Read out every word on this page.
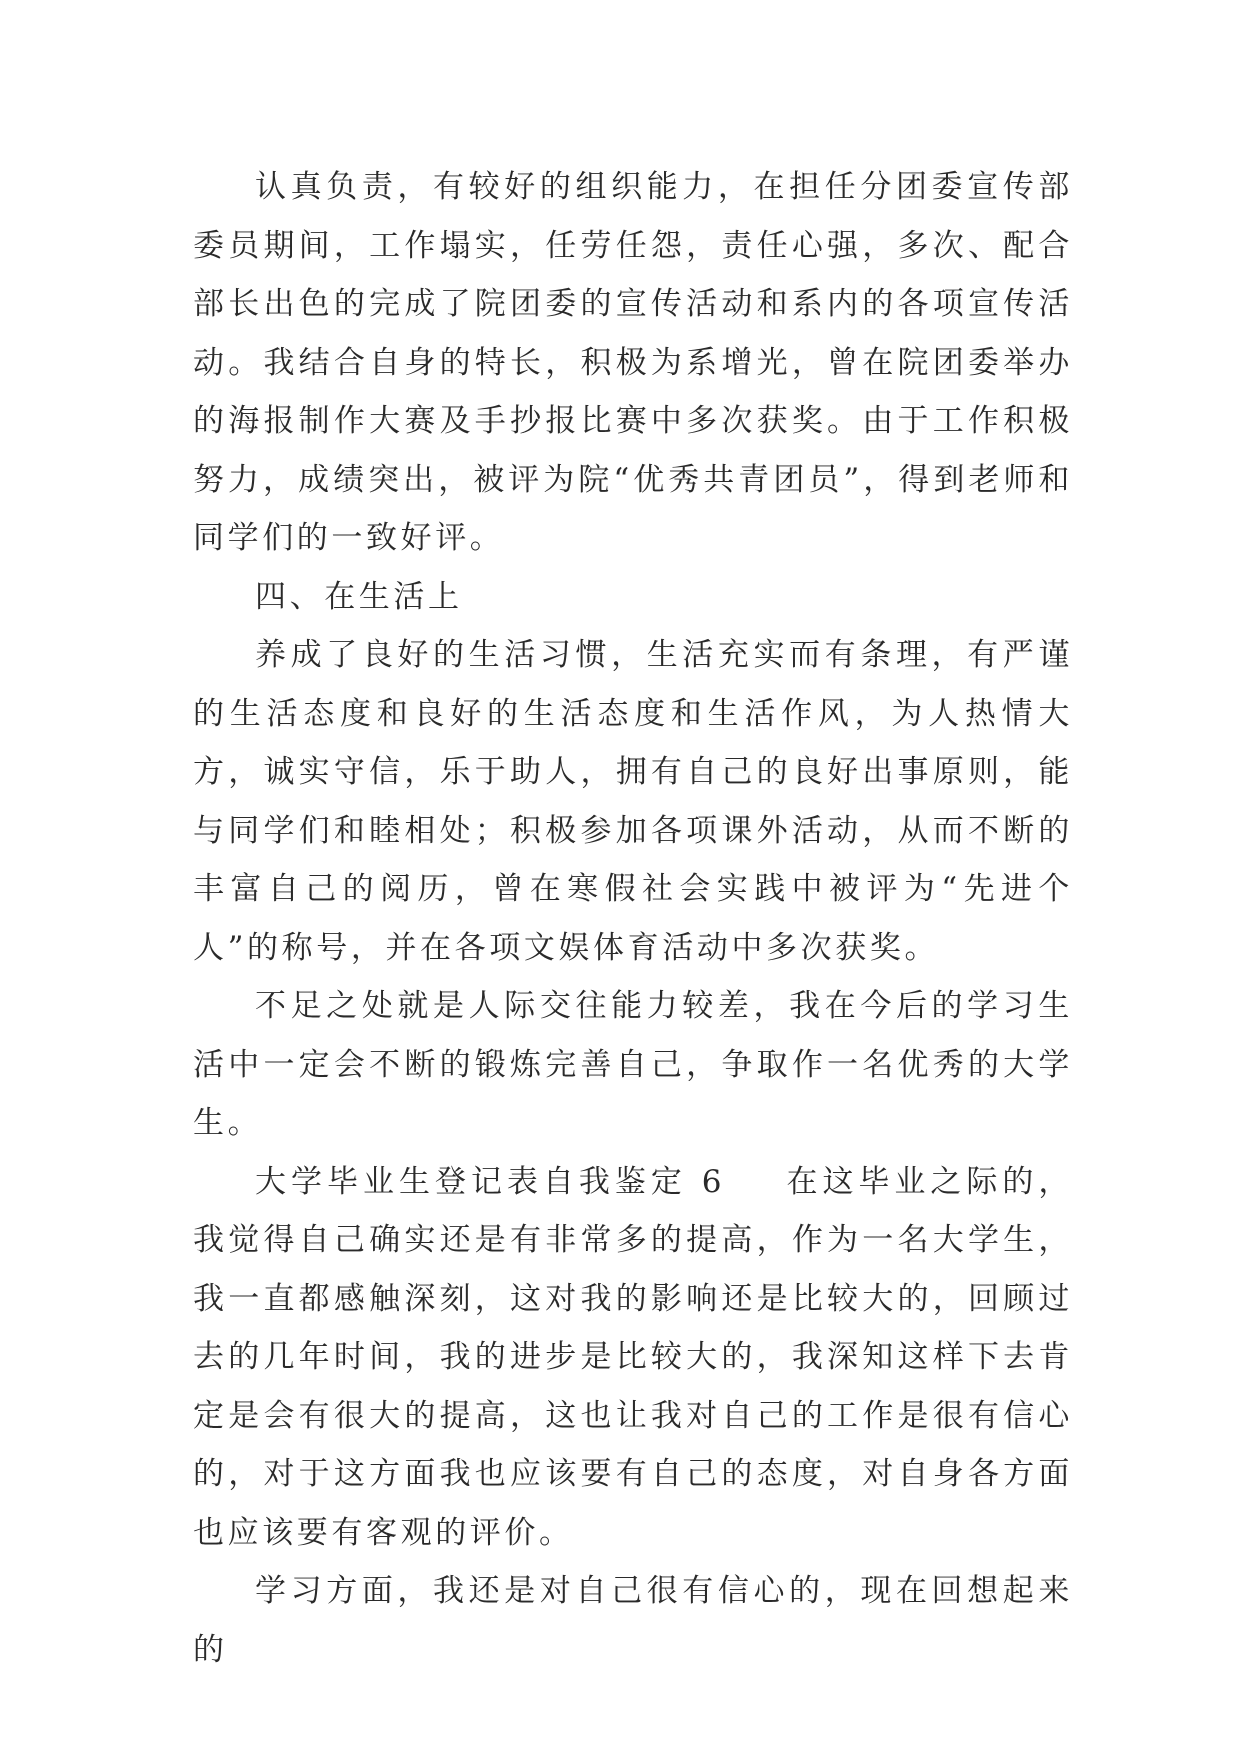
认真负责，有较好的组织能力，在担任分团委宣传部委员期间，工作塌实，任劳任怨，责任心强，多次、配合部长出色的完成了院团委的宣传活动和系内的各项宣传活动。我结合自身的特长，积极为系增光，曾在院团委举办的海报制作大赛及手抄报比赛中多次获奖。由于工作积极努力，成绩突出，被评为院“优秀共青团员”，得到老师和同学们的一致好评。

四、在生活上

养成了良好的生活习惯，生活充实而有条理，有严谨的生活态度和良好的生活态度和生活作风，为人热情大方，诚实守信，乐于助人，拥有自己的良好出事原则，能与同学们和睦相处；积极参加各项课外活动，从而不断的丰富自己的阅历，曾在寒假社会实践中被评为“先进个人”的称号，并在各项文娱体育活动中多次获奖。

不足之处就是人际交往能力较差，我在今后的学习生活中一定会不断的锻炼完善自己，争取作一名优秀的大学生。

大学毕业生登记表自我鉴定 6 在这毕业之际的，我觉得自己确实还是有非常多的提高，作为一名大学生，我一直都感触深刻，这对我的影响还是比较大的，回顾过去的几年时间，我的进步是比较大的，我深知这样下去肯定是会有很大的提高，这也让我对自己的工作是很有信心的，对于这方面我也应该要有自己的态度，对自身各方面也应该要有客观的评价。

学习方面，我还是对自己很有信心的，现在回想起来的
